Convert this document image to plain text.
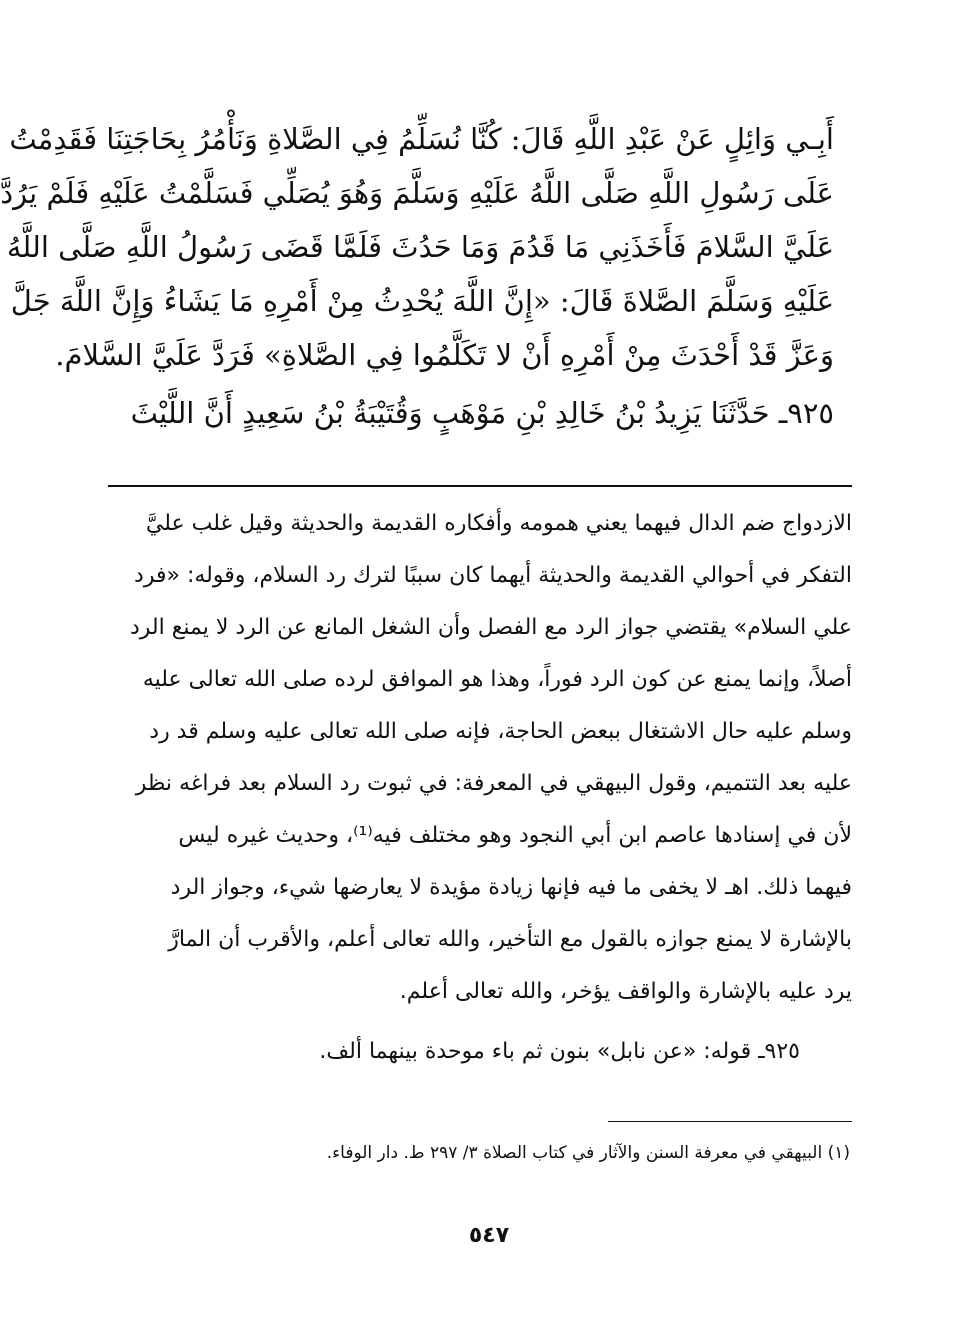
أَبِـي وَائِلٍ عَنْ عَبْدِ اللَّهِ قَالَ: كُنَّا نُسَلِّمُ فِي الصَّلاةِ وَنَأْمُرُ بِحَاجَتِنَا فَقَدِمْتُ
عَلَى رَسُولِ اللَّهِ صَلَّى اللَّهُ عَلَيْهِ وَسَلَّمَ وَهُوَ يُصَلِّي فَسَلَّمْتُ عَلَيْهِ فَلَمْ يَرُدَّ
عَلَيَّ السَّلامَ فَأَخَذَنِي مَا قَدُمَ وَمَا حَدُثَ فَلَمَّا قَضَى رَسُولُ اللَّهِ صَلَّى اللَّهُ
عَلَيْهِ وَسَلَّمَ الصَّلاةَ قَالَ: «إِنَّ اللَّهَ يُحْدِثُ مِنْ أَمْرِهِ مَا يَشَاءُ وَإِنَّ اللَّهَ جَلَّ
وَعَزَّ قَدْ أَحْدَثَ مِنْ أَمْرِهِ أَنْ لا تَكَلَّمُوا فِي الصَّلاةِ» فَرَدَّ عَلَيَّ السَّلامَ.
٩٢٥ـ حَدَّثَنَا يَزِيدُ بْنُ خَالِدِ بْنِ مَوْهَبٍ وَقُتَيْبَةُ بْنُ سَعِيدٍ أَنَّ اللَّيْثَ
الازدواج ضم الدال فيهما يعني همومه وأفكاره القديمة والحديثة وقيل غلب عليَّ
التفكر في أحوالي القديمة والحديثة أيهما كان سببًا لترك رد السلام، وقوله: «فرد
علي السلام» يقتضي جواز الرد مع الفصل وأن الشغل المانع عن الرد لا يمنع الرد
أصلاً، وإنما يمنع عن كون الرد فوراً، وهذا هو الموافق لرده صلى الله تعالى عليه
وسلم عليه حال الاشتغال ببعض الحاجة، فإنه صلى الله تعالى عليه وسلم قد رد
عليه بعد التتميم، وقول البيهقي في المعرفة: في ثبوت رد السلام بعد فراغه نظر
لأن في إسنادها عاصم ابن أبي النجود وهو مختلف فيه⁽¹⁾، وحديث غيره ليس
فيهما ذلك. اهـ لا يخفى ما فيه فإنها زيادة مؤيدة لا يعارضها شيء، وجواز الرد
بالإشارة لا يمنع جوازه بالقول مع التأخير، والله تعالى أعلم، والأقرب أن المارَّ
يرد عليه بالإشارة والواقف يؤخر، والله تعالى أعلم.
٩٢٥ـ قوله: «عن نابل» بنون ثم باء موحدة بينهما ألف.
(١) البيهقي في معرفة السنن والآثار في كتاب الصلاة ٣/ ٢٩٧ ط. دار الوفاء.
٥٤٧
